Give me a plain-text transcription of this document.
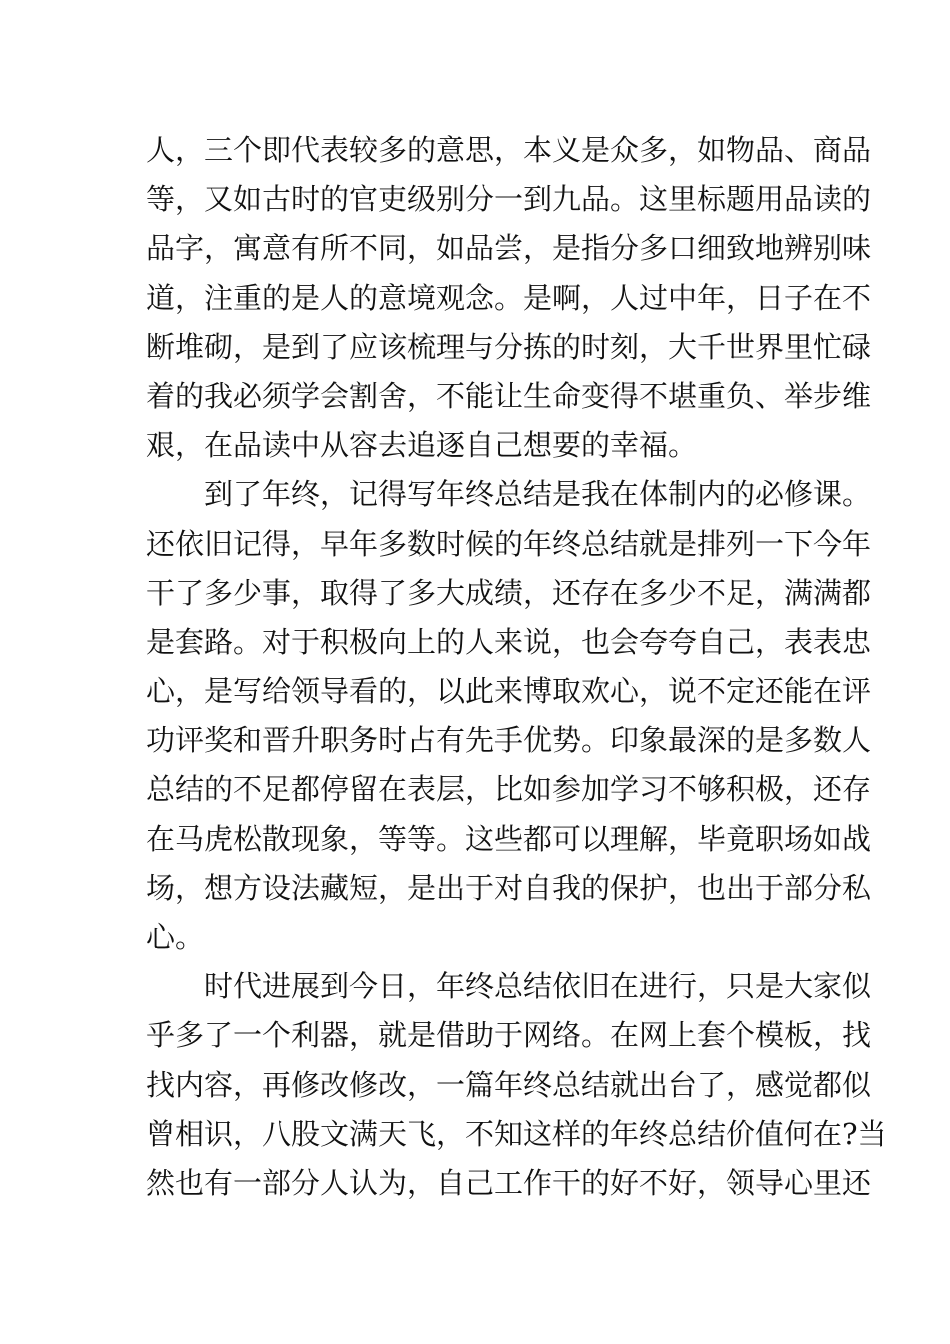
人，三个即代表较多的意思，本义是众多，如物品、商品
等，又如古时的官吏级别分一到九品。这里标题用品读的
品字，寓意有所不同，如品尝，是指分多口细致地辨别味
道，注重的是人的意境观念。是啊，人过中年，日子在不
断堆砌，是到了应该梳理与分拣的时刻，大千世界里忙碌
着的我必须学会割舍，不能让生命变得不堪重负、举步维
艰，在品读中从容去追逐自己想要的幸福。
到了年终，记得写年终总结是我在体制内的必修课。
还依旧记得，早年多数时候的年终总结就是排列一下今年
干了多少事，取得了多大成绩，还存在多少不足，满满都
是套路。对于积极向上的人来说，也会夸夸自己，表表忠
心，是写给领导看的，以此来博取欢心，说不定还能在评
功评奖和晋升职务时占有先手优势。印象最深的是多数人
总结的不足都停留在表层，比如参加学习不够积极，还存
在马虎松散现象，等等。这些都可以理解，毕竟职场如战
场，想方设法藏短，是出于对自我的保护，也出于部分私
心。
时代进展到今日，年终总结依旧在进行，只是大家似
乎多了一个利器，就是借助于网络。在网上套个模板，找
找内容，再修改修改，一篇年终总结就出台了，感觉都似
曾相识，八股文满天飞，不知这样的年终总结价值何在?当
然也有一部分人认为，自己工作干的好不好，领导心里还
